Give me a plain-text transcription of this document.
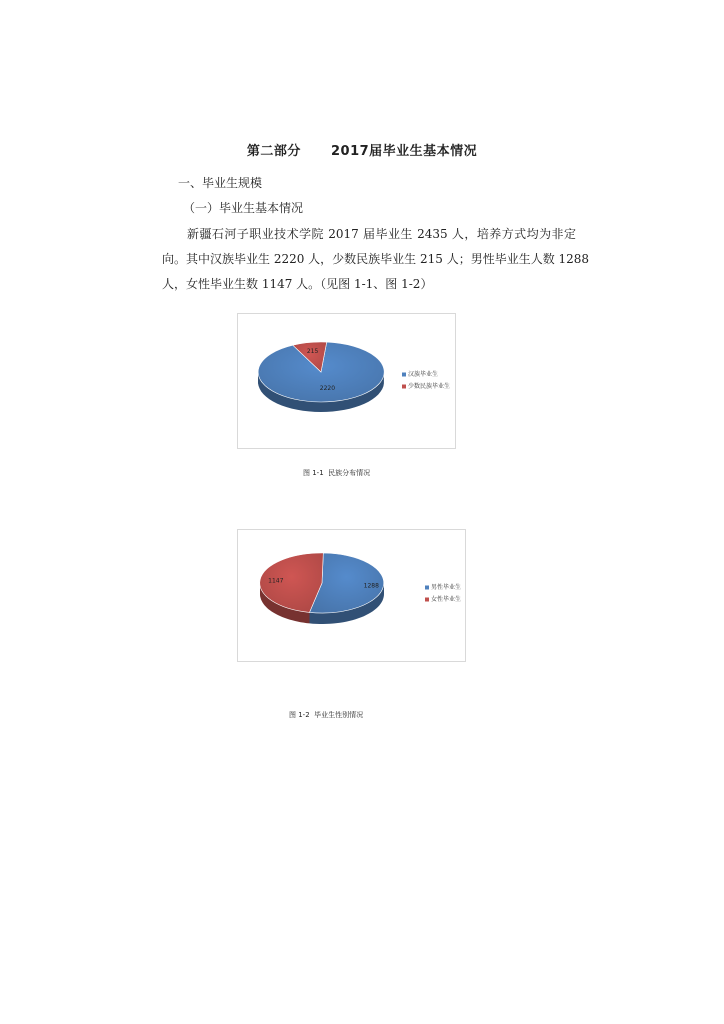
第二部分      2017届毕业生基本情况
一、毕业生规模
（一）毕业生基本情况
新疆石河子职业技术学院 2017 届毕业生 2435 人，培养方式均为非定
向。其中汉族毕业生 2220 人，少数民族毕业生 215 人；男性毕业生人数 1288
人，女性毕业生数 1147 人。（见图 1-1、图 1-2）
2220
215
汉族毕业生
少数民族毕业生
图 1-1  民族分布情况
1288
1147
男性毕业生
女性毕业生
图 1-2  毕业生性别情况
